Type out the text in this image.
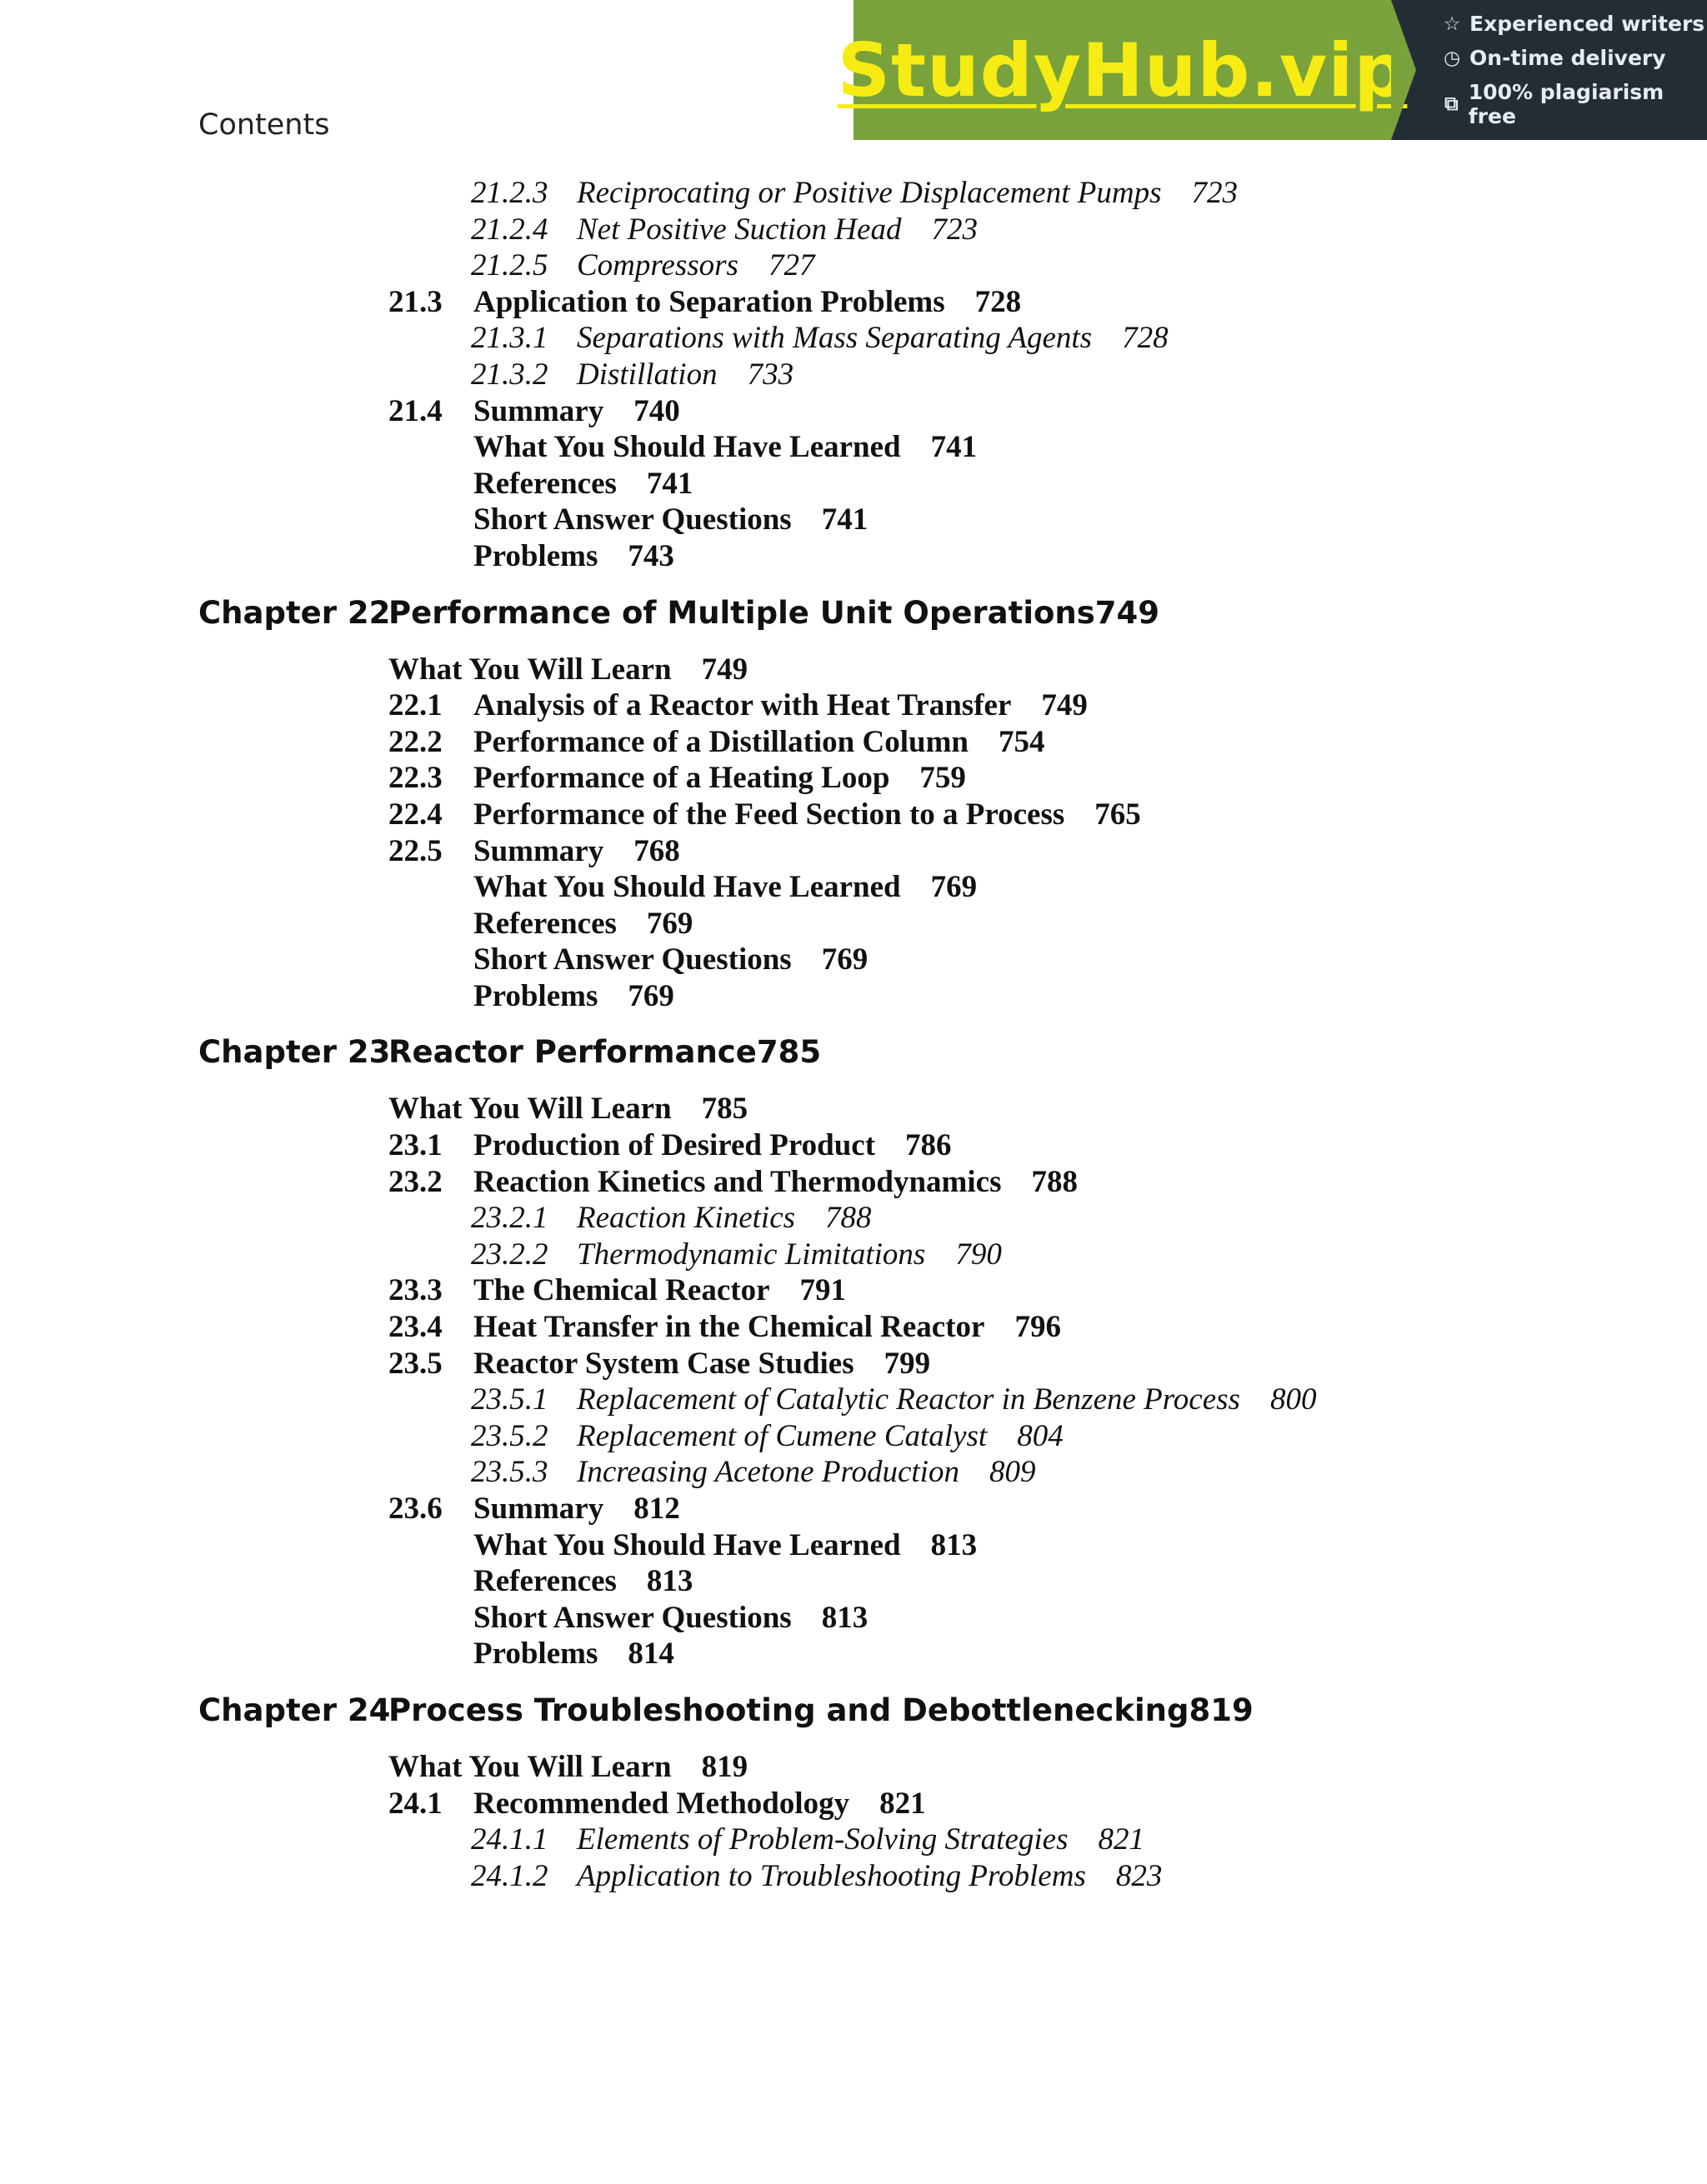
Contents
StudyHub.vip
☆ Experienced writers
◷ On-time delivery
⧉ 100% plagiarism free
21.2.3 Reciprocating or Positive Displacement Pumps 723
21.2.4 Net Positive Suction Head 723
21.2.5 Compressors 727
21.3 Application to Separation Problems 728
21.3.1 Separations with Mass Separating Agents 728
21.3.2 Distillation 733
21.4 Summary 740
What You Should Have Learned 741
References 741
Short Answer Questions 741
Problems 743
Chapter 22
Performance of Multiple Unit Operations749
What You Will Learn 749
22.1 Analysis of a Reactor with Heat Transfer 749
22.2 Performance of a Distillation Column 754
22.3 Performance of a Heating Loop 759
22.4 Performance of the Feed Section to a Process 765
22.5 Summary 768
What You Should Have Learned 769
References 769
Short Answer Questions 769
Problems 769
Chapter 23
Reactor Performance785
What You Will Learn 785
23.1 Production of Desired Product 786
23.2 Reaction Kinetics and Thermodynamics 788
23.2.1 Reaction Kinetics 788
23.2.2 Thermodynamic Limitations 790
23.3 The Chemical Reactor 791
23.4 Heat Transfer in the Chemical Reactor 796
23.5 Reactor System Case Studies 799
23.5.1 Replacement of Catalytic Reactor in Benzene Process 800
23.5.2 Replacement of Cumene Catalyst 804
23.5.3 Increasing Acetone Production 809
23.6 Summary 812
What You Should Have Learned 813
References 813
Short Answer Questions 813
Problems 814
Chapter 24
Process Troubleshooting and Debottlenecking819
What You Will Learn 819
24.1 Recommended Methodology 821
24.1.1 Elements of Problem-Solving Strategies 821
24.1.2 Application to Troubleshooting Problems 823
